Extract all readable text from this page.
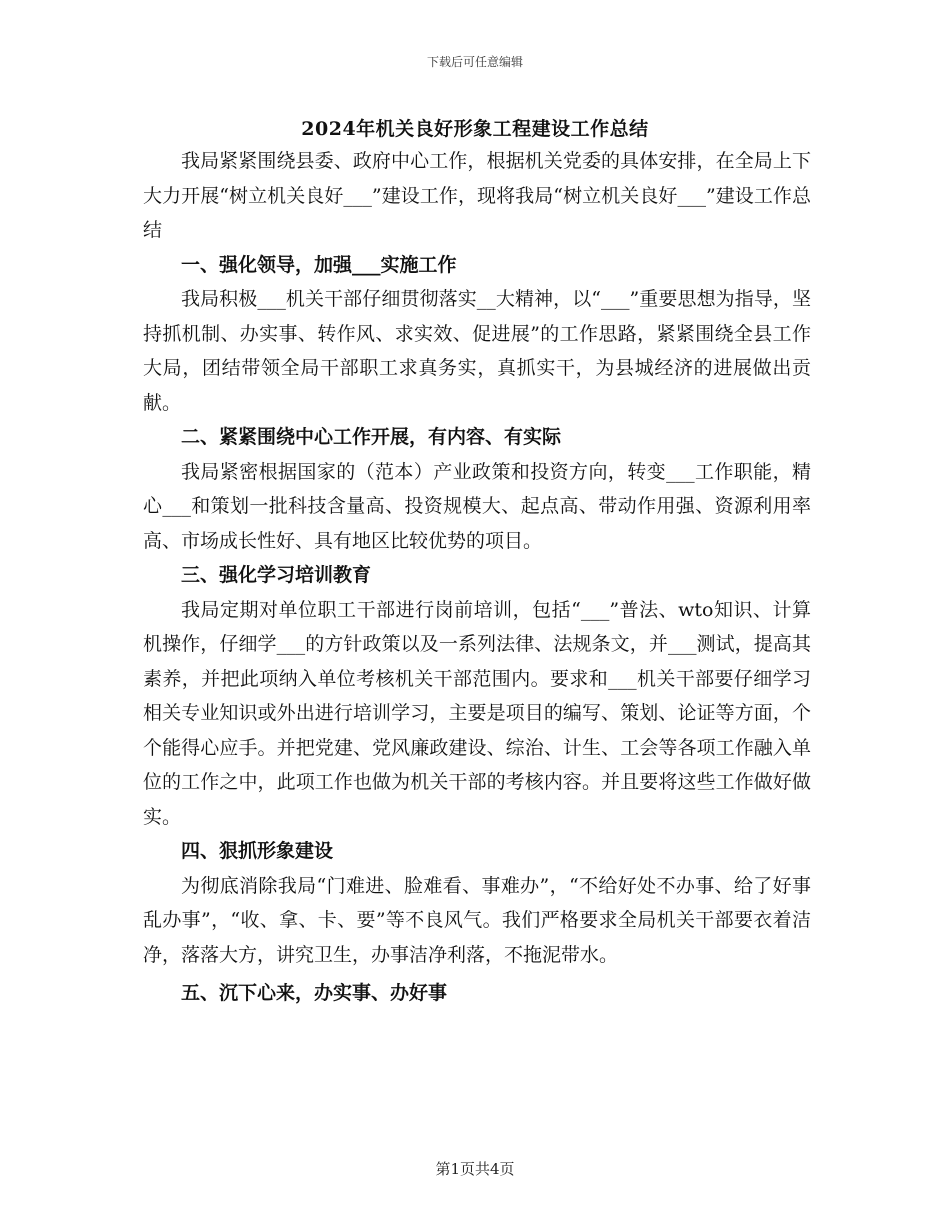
下载后可任意编辑
2024年机关良好形象工程建设工作总结

我局紧紧围绕县委、政府中心工作，根据机关党委的具体安排，在全局上下大力开展“树立机关良好___”建设工作，现将我局“树立机关良好___”建设工作总结

一、强化领导，加强___实施工作

我局积极___机关干部仔细贯彻落实__大精神，以“___”重要思想为指导，坚持抓机制、办实事、转作风、求实效、促进展”的工作思路，紧紧围绕全县工作大局，团结带领全局干部职工求真务实，真抓实干，为县城经济的进展做出贡献。

二、紧紧围绕中心工作开展，有内容、有实际

我局紧密根据国家的（范本）产业政策和投资方向，转变___工作职能，精心___和策划一批科技含量高、投资规模大、起点高、带动作用强、资源利用率高、市场成长性好、具有地区比较优势的项目。

三、强化学习培训教育

我局定期对单位职工干部进行岗前培训，包括“___”普法、wto知识、计算机操作，仔细学___的方针政策以及一系列法律、法规条文，并___测试，提高其素养，并把此项纳入单位考核机关干部范围内。要求和___机关干部要仔细学习相关专业知识或外出进行培训学习，主要是项目的编写、策划、论证等方面，个个能得心应手。并把党建、党风廉政建设、综治、计生、工会等各项工作融入单位的工作之中，此项工作也做为机关干部的考核内容。并且要将这些工作做好做实。

四、狠抓形象建设

为彻底消除我局“门难进、脸难看、事难办”，“不给好处不办事、给了好事乱办事”，“收、拿、卡、要”等不良风气。我们严格要求全局机关干部要衣着洁净，落落大方，讲究卫生，办事洁净利落，不拖泥带水。

五、沉下心来，办实事、办好事

第1页共4页
